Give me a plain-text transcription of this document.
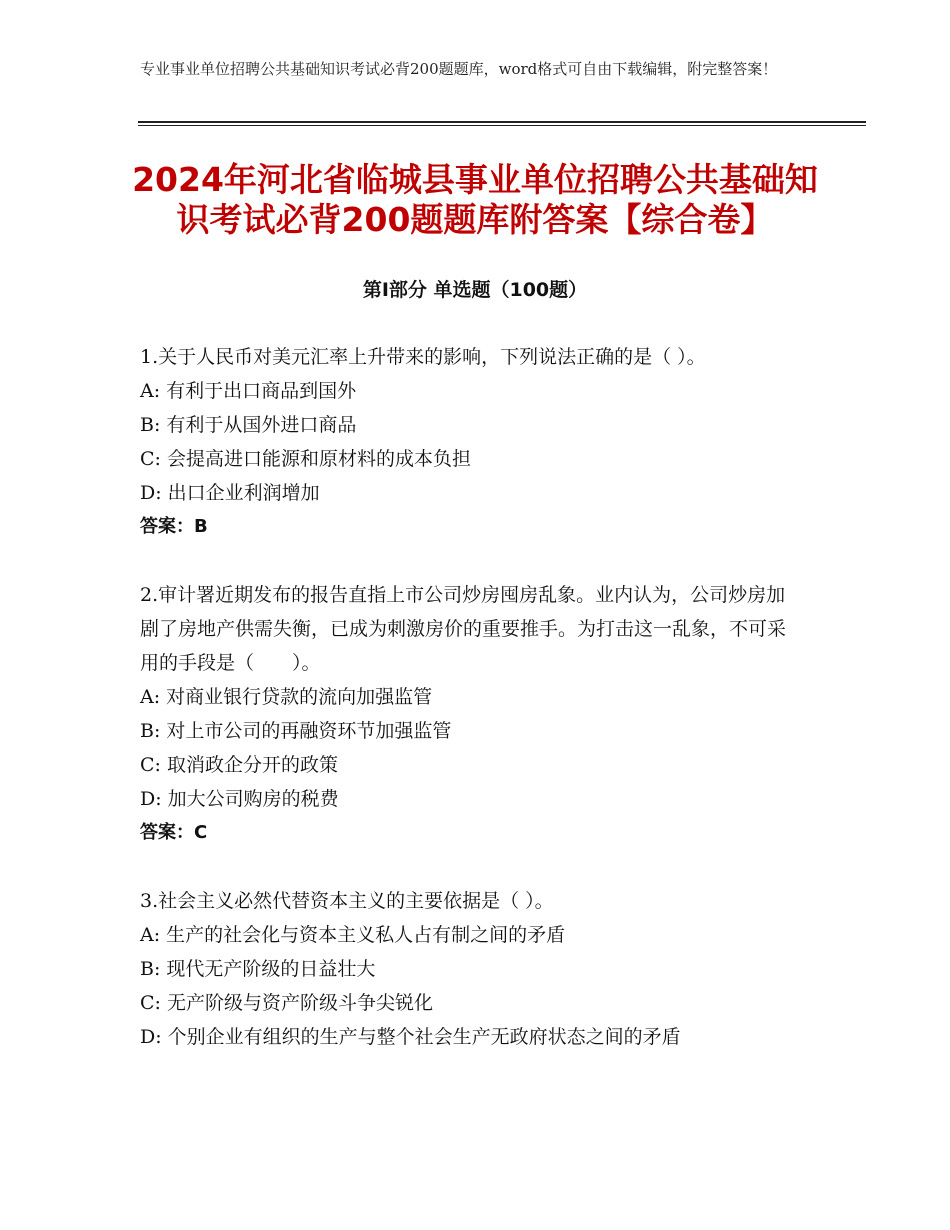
专业事业单位招聘公共基础知识考试必背200题题库，word格式可自由下载编辑，附完整答案！
2024年河北省临城县事业单位招聘公共基础知识考试必背200题题库附答案【综合卷】
第Ⅰ部分 单选题（100题）
1.关于人民币对美元汇率上升带来的影响，下列说法正确的是（ ）。
A: 有利于出口商品到国外
B: 有利于从国外进口商品
C: 会提高进口能源和原材料的成本负担
D: 出口企业利润增加
答案：B
2.审计署近期发布的报告直指上市公司炒房囤房乱象。业内认为，公司炒房加剧了房地产供需失衡，已成为刺激房价的重要推手。为打击这一乱象，不可采用的手段是（　　）。
A: 对商业银行贷款的流向加强监管
B: 对上市公司的再融资环节加强监管
C: 取消政企分开的政策
D: 加大公司购房的税费
答案：C
3.社会主义必然代替资本主义的主要依据是（ ）。
A: 生产的社会化与资本主义私人占有制之间的矛盾
B: 现代无产阶级的日益壮大
C: 无产阶级与资产阶级斗争尖锐化
D: 个别企业有组织的生产与整个社会生产无政府状态之间的矛盾
